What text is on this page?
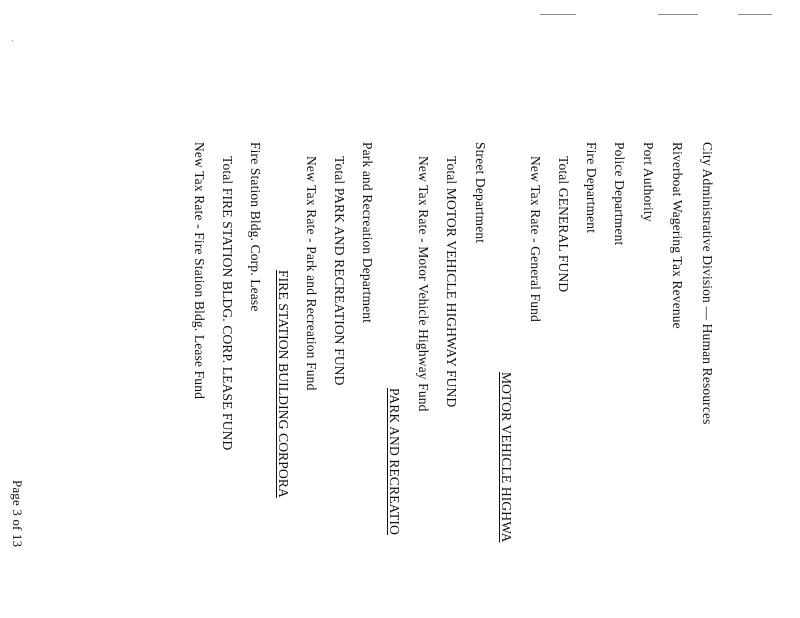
City Administrative Division — Human Resources
Riverboat Wagering Tax Revenue
Port Authority
Police Department
Fire Department
Total GENERAL FUND
New Tax Rate - General Fund
MOTOR VEHICLE HIGHWA
Street Department
Total MOTOR VEHICLE HIGHWAY FUND
New Tax Rate - Motor Vehicle Highway Fund
PARK AND RECREATIO
Park and Recreation Department
Total PARK AND RECREATION FUND
New Tax Rate - Park and Recreation Fund
FIRE STATION BUILDING CORPORA
Fire Station Bldg. Corp. Lease
Total FIRE STATION BLDG. CORP. LEASE FUND
New Tax Rate - Fire Station Bldg. Lease Fund
Page 3 of 13
